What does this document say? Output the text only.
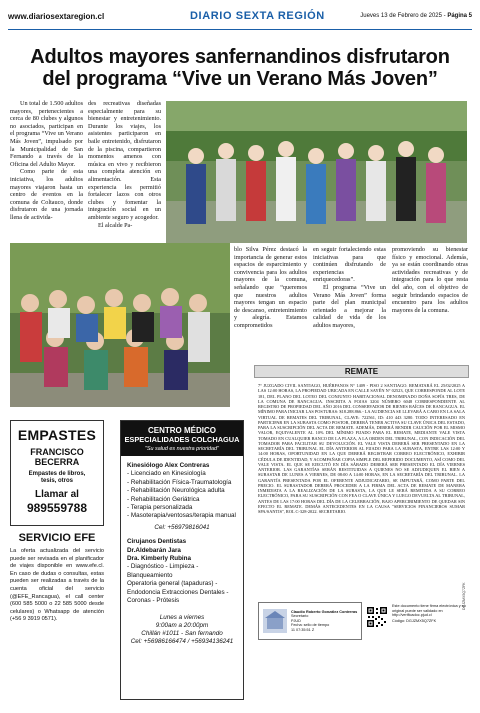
www.diariosextaregion.cl	DIARIO SEXTA REGIÓN	Jueves 13 de Febrero de 2025 - Página 5
Adultos mayores sanfernandinos disfrutaron
del programa “Vive un Verano Más Joven”

Un total de 1.500 adultos mayores, pertenecientes a cerca de 80 clubes y algunos no asociados, participan en el programa “Vive un Verano Más Joven”, impulsado por la Municipalidad de San Fernando a través de la Oficina del Adulto Mayor.

Como parte de esta iniciativa, los adultos mayores viajaron hasta un centro de eventos en la comuna de Coltauco, donde disfrutaron de una jornada llena de activida-

des recreativas diseñadas especialmente para su bienestar y entretenimiento. Durante los viajes, los asistentes participaron en baile entretenido, disfrutaron de la piscina, compartieron momentos amenos con música en vivo y recibieron una completa atención en alimentación. Esta experiencia les permitió fortalecer lazos con otros clubes y fomentar la integración social en un ambiente seguro y acogedor.

El alcalde Pa-

blo Silva Pérez destacó la importancia de generar estos espacios de esparcimiento y convivencia para los adultos mayores de la comuna, señalando que “queremos que nuestros adultos mayores tengan un espacio de descanso, entretenimiento y alegría. Estamos comprometidos

en seguir fortaleciendo estas iniciativas para que continúen disfrutando de experiencias enriquecedoras”.

El programa “Vive un Verano Más Joven” forma parte del plan municipal orientado a mejorar la calidad de vida de los adultos mayores,

promoviendo su bienestar físico y emocional. Además, ya se están coordinando otras actividades recreativas y de integración para lo que resta del año, con el objetivo de seguir brindando espacios de encuentro para los adultos mayores de la comuna.

EMPASTES
FRANCISCO BECERRA
Empastes de libros, tesis, otros
Llamar al
989559788
SERVICIO EFE
La oferta actualizada del servicio puede ser revisada en el planificador de viajes disponible en www.efe.cl. En caso de dudas o consultas, estas pueden ser realizadas a través de la cuenta oficial del servicio (@EFE_Rancagua), el call center (600 585 5000 o 22 585 5000 desde celulares) o Whatsapp de atención (+56 9 3919 0571).
CENTRO MÉDICO
ESPECIALIDADES COLCHAGUA
"Su salud es nuestra prioridad"
Kinesiólogo Alex Contreras
- Licenciado en Kinesiología
- Rehabilitación Física-Traumatología
- Rehabilitación Neurológica adulta
- Rehabilitación Geriátrica
- Terapia personalizada
- Masoterapia/ventosas/terapia manual
Cel: +56979816041
Cirujanos Dentistas
Dr.Aldebarán Jara
Dra. Kimberly Rubina
- Diagnóstico - Limpieza -
Blanqueamiento
Operatoria general (tapaduras) -
Endodoncia Extracciones Dentales -
Coronas - Prótesis
Lunes a viernes
9:00am a 20:00pm
Chillán #1011 - San fernando
Cel: +56986166474 / +56934136241
REMATE
7° JUZGADO CIVIL SANTIAGO, HUÉRFANOS N° 1409 - PISO 2 SANTIAGO. REMATARÁ EL 25/02/2025 A LAS 12:00 HORAS, LA PROPIEDAD UBICADA EN CALLE SAYÉN N° 02523, QUE CORRESPONDE AL LOTE 181, DEL PLANO DEL LOTEO DEL CONJUNTO HABITACIONAL DENOMINADO DOÑA SOFÍA TRES, DE LA COMUNA DE RANCAGUA. INSCRITA A FOJAS 3204 NÚMERO 6048 CORRESPONDIENTE AL REGISTRO DE PROPIEDAD DEL AÑO 2016 DEL CONSERVADOR DE BIENES RAÍCES DE RANCAGUA. EL MÍNIMO PARA INICIAR LAS POSTURAS: $18.288.866.- LA AUDIENCIA SE LLEVARÁ A CABO EN LA SALA VIRTUAL DE REMATES DEL TRIBUNAL, CLAVE: 722561, ID: 410 443 3280. TODO INTERESADO EN PARTICIPAR EN LA SUBASTA COMO POSTOR, DEBERÁ TENER ACTIVA SU CLAVE ÚNICA DEL ESTADO, PARA LA SUSCRIPCIÓN DEL ACTA DE REMATE. ADEMÁS, DEBERÁ RENDIR CAUCIÓN POR EL MISMO VALOR, EQUIVALENTE AL 10% DEL MÍNIMO FIJADO PARA EL REMATE, MEDIANTE VALE VISTA TOMADO EN CUALQUIER BANCO DE LA PLAZA, A LA ORDEN DEL TRIBUNAL, CON INDICACIÓN DEL TOMADOR PARA FACILITAR SU DEVOLUCIÓN. EL VALE VISTA DEBERÁ SER PRESENTADO EN LA SECRETARÍA DEL TRIBUNAL EL DÍA ANTERIOR AL FIJADO PARA LA SUBASTA, ENTRE LAS 12:00 Y 14:00 HORAS, OPORTUNIDAD EN LA QUE DEBERÁ REGISTRAR CORREO ELECTRÓNICO, EXHIBIR CÉDULA DE IDENTIDAD, Y ACOMPAÑAR COPIA SIMPLE DEL REFERIDO DOCUMENTO, ASÍ COMO DEL VALE VISTA. EL QUE SE EJECUTÓ EN DÍA SÁBADO DEBERÁ SER PRESENTADO EL DÍA VIERNES ANTERIOR. LAS GARANTÍAS SERÁN RESTITUIDAS A QUIENES NO SE ADJUDIQUEN EL BIEN A SUBASTAR DE LUNES A VIERNES, DE 08:00 A 14:00 HORAS, EN LA SECRETARÍA DEL TRIBUNAL. LA GARANTÍA PRESENTADA POR EL OFERENTE ADJUDICATARIO, SE IMPUTARÁ, COMO PARTE DEL PRECIO. EL SUBASTADOR DEBERÁ PROCEDER A LA FIRMA DEL ACTA DE REMATE DE MANERA INMEDIATA A LA REALIZACIÓN DE LA SUBASTA, LA QUE LE SERÁ REMITIDA A SU CORREO ELECTRÓNICO, PARA SU SUSCRIPCIÓN CON FEA O CLAVE ÚNICA Y LUEGO DEVUELTA AL TRIBUNAL, ANTES DE LAS 17:00 HORAS DEL DÍA DE LA CELEBRACIÓN, BAJO APERCIBIMIENTO DE QUEDAR SIN EFECTO EL REMATE. DEMÁS ANTECEDENTES EN LA CAUSA "SERVICIOS FINANCIEROS SUMAR SPA/SANTIS", ROL C-328-2022. SECRETARIO.
Claudio Roberto González Contreras
Secretario
PJUD
Fecha: sello de tiempo
11 07:35:51 Z
Este documento tiene firma electrónica y su original puede ser validado en http://verificadoc.pjud.cl
Código: DGJZMX5Q7ZFK
DGJZMX5Q7ZFK
